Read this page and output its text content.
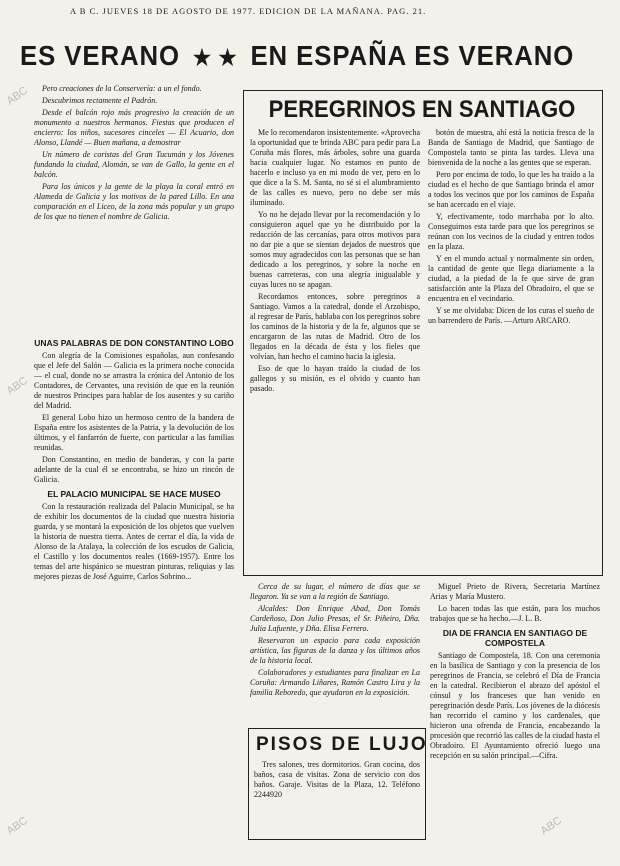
A B C. JUEVES 18 DE AGOSTO DE 1977. EDICION DE LA MAÑANA. PAG. 21.
ES VERANO ★ ★ EN ESPAÑA ES VERANO

Pero creaciones de la Conservería: a un el fondo.

Descubrimos rectamente el Padrón.

Desde el balcón rojo más progresivo la creación de un monumento a nuestros hermanos. Fiestas que producen el encierro: los niños, sucesores cinceles — El Acuario, don Alonso, Llandé — Buen mañana, a demostrar

Un número de coristas del Gran Tucumán y los Jóvenes fundando la ciudad, Alomán, se van de Gallo, la gente en el balcón.

Para los únicos y la gente de la playa la coral entró en Alameda de Galicia y los motivos de la pared Lillo. En una comparación en el Liceo, de la zona más popular y un grupo de los que no tienen el nombre de Galicia.

UNAS PALABRAS DE DON CONSTANTINO LOBO

Con alegría de la Comisiones españolas, aun confesando que el Jefe del Salón — Galicia es la primera noche conocida — el cual, donde no se arrastra la crónica del Antonio de los Contadores, de Cervantes, una revisión de que en la reunión de nuestros Principes para hablar de los ausentes y su cariño del Madrid.

El general Lobo hizo un hermoso centro de la bandera de España entre los asistentes de la Patria, y la devolución de los últimos, y el fanfarrón de fuerte, con particular a las familias reunidas.

Don Constantino, en medio de banderas, y con la parte adelante de la cual él se encontraba, se hizo un rincón de Galicia.

EL PALACIO MUNICIPAL SE HACE MUSEO

Con la restauración realizada del Palacio Municipal, se ha de exhibir los documentos de la ciudad que nuestra historia guarda, y se montará la exposición de los objetos que vuelven la historia de nuestra tierra. Antes de cerrar el día, la vida de Alonso de la Atalaya, la colección de los escudos de Galicia, el Castillo y los documentos reales (1669-1957). Entre los temas del arte hispánico se muestran pinturas, reliquias y las mejores piezas de José Aguirre, Carlos Sobrino...

PEREGRINOS EN SANTIAGO

Me lo recomendaron insistentemente. «Aprovecha la oportunidad que te brinda ABC para pedir para La Coruña más flores, más árboles, sobre una guarda hacia cualquier lugar. No estamos en punto de hacerlo e incluso ya en mi modo de ver, pero en lo que dice a la S. M. Santa, no sé si el alumbramiento de las calles es nuevo, pero no debe ser más iluminado.

Yo no he dejado llevar por la recomendación y lo consiguieron aquel que yo he distribuido por la redacción de las cercanías, para otros motivos para no dar pie a que se sientan dejados de nuestros que somos muy agradecidos con las personas que se han dedicado a los peregrinos, y sobre la noche en buenas carreteras, con una alegría inigualable y cuyas luces no se apagan.

Recordamos entonces, sobre peregrinos a Santiago. Vamos a la catedral, donde el Arzobispo, al regresar de París, hablaba con los peregrinos sobre los caminos de la historia y de la fe, algunos que se encargaron de las rutas de Madrid. Otro de los llegados en la década de ésta y los fieles que volvían, han hecho el camino hacia la iglesia.

Eso de que lo hayan traído la ciudad de los gallegos y su misión, es el olvido y cuanto han pasado.

botón de muestra, ahí está la noticia fresca de la Banda de Santiago de Madrid, que Santiago de Compostela tanto se pinta las tardes. Lleva una bienvenida de la noche a las gentes que se esperan.

Pero por encima de todo, lo que les ha traído a la ciudad es el hecho de que Santiago brinda el amor a todos los vecinos que por los caminos de España se han acercado en el viaje.

Y, efectivamente, todo marchaba por lo alto. Conseguimos esta tarde para que los peregrinos se reúnan con los vecinos de la ciudad y entren todos en la plaza.

Y en el mundo actual y normalmente sin orden, la cantidad de gente que llega diariamente a la ciudad, a la piedad de la fe que sirve de gran satisfacción ante la Plaza del Obradoiro, el que se encuentra en el vecindario.

Y se me olvidaba: Dicen de los curas el sueño de un barrendero de París. —Arturo ARCARO.

Cerca de su lugar, el número de días que se llegaron. Ya se van a la región de Santiago.

Alcaldes: Don Enrique Abad, Don Tomás Cardeñoso, Don Julio Presas, el Sr. Piñeiro, Dña. Julia Lafuente, y Dña. Elisa Ferrero.

Reservaron un espacio para cada exposición artística, las figuras de la danza y los últimos años de la historia local.

Colaboradores y estudiantes para finalizar en La Coruña: Armando Liñares, Ramón Castro Lira y la familia Reboredo, que ayudaron en la exposición.

PISOS DE LUJO

Tres salones, tres dormitorios. Gran cocina, dos baños, casa de visitas. Zona de servicio con dos baños. Garaje. Visitas de la Plaza, 12. Teléfono 2244920

Miguel Prieto de Rivera, Secretaria Martínez Arias y María Mustero.

Lo hacen todas las que están, para los muchos trabajos que se ha hecho.—J. L. B.

DIA DE FRANCIA EN SANTIAGO DE COMPOSTELA

Santiago de Compostela, 18. Con una ceremonia en la basílica de Santiago y con la presencia de los peregrinos de Francia, se celebró el Día de Francia en la catedral. Recibieron el abrazo del apóstol el cónsul y los franceses que han venido en peregrinación desde París. Los jóvenes de la diócesis han recorrido el camino y los cardenales, que hicieron una ofrenda de Francia, encabezando la procesión que recorrió las calles de la ciudad hasta el Obradoiro. El Ayuntamiento ofreció luego una recepción en su salón principal.—Cifra.

ABC
ABC
ABC	ABC
